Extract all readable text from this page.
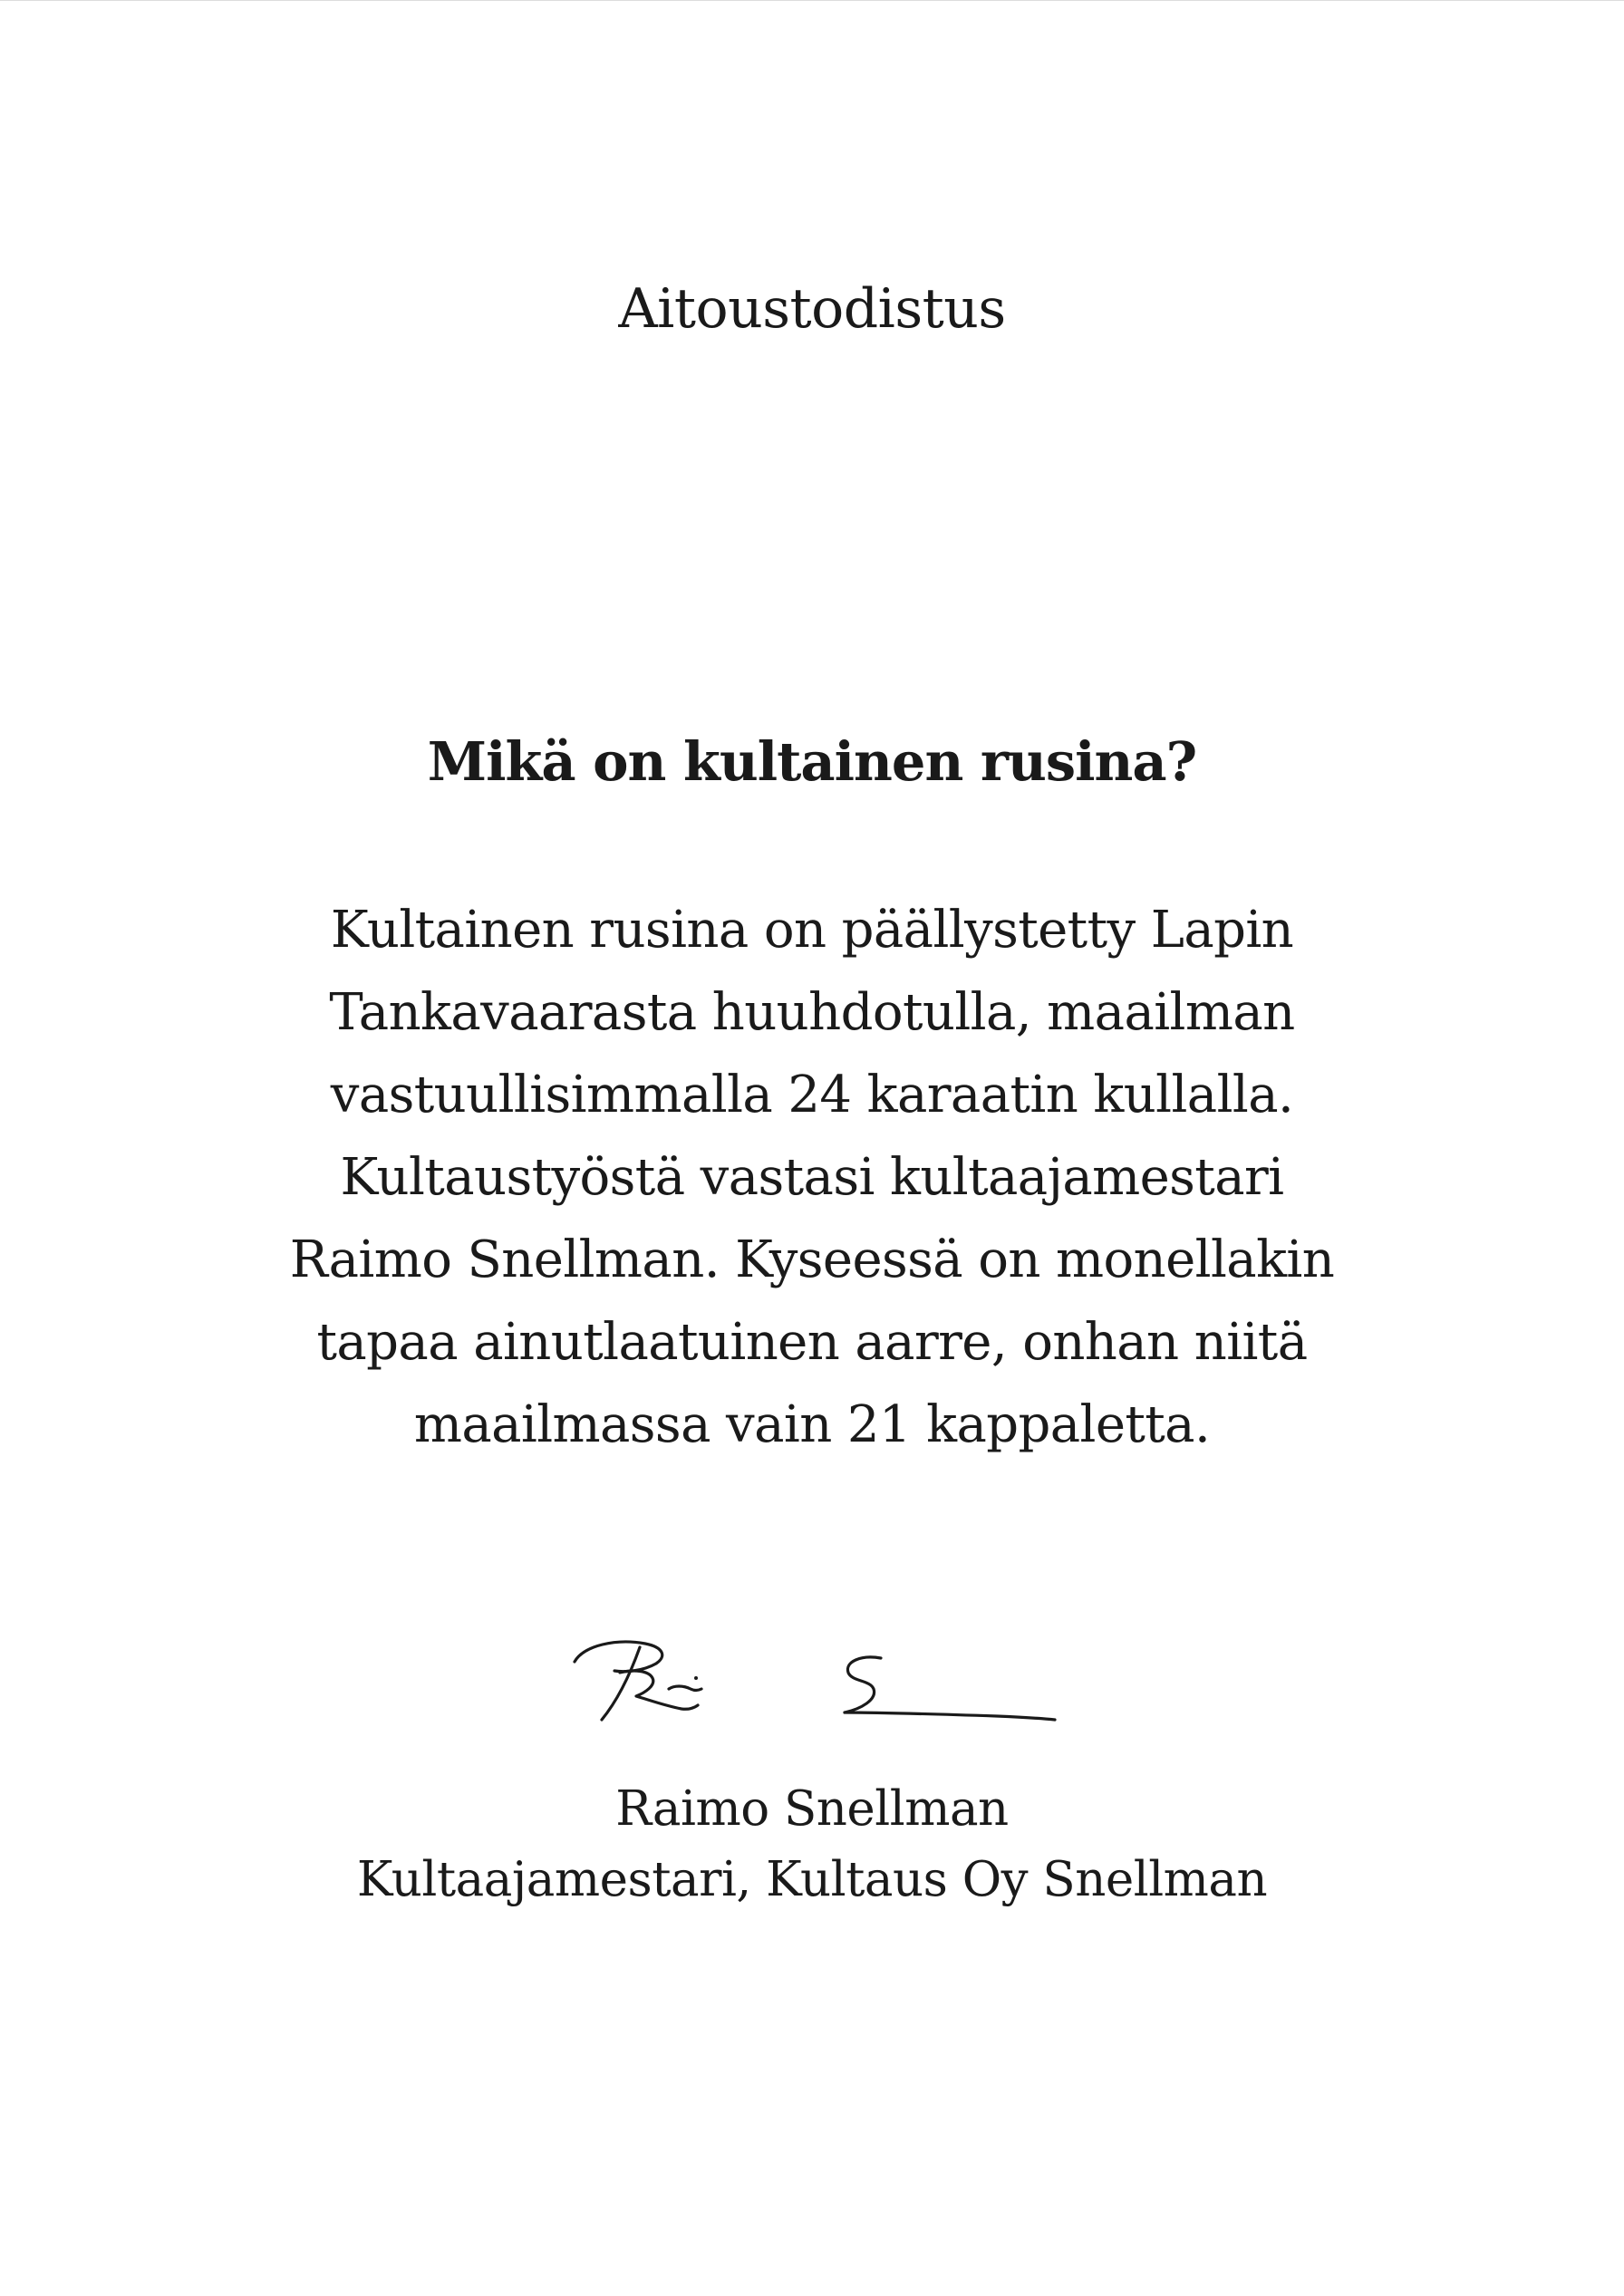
Aitoustodistus
Mikä on kultainen rusina?

Kultainen rusina on päällystetty Lapin
Tankavaarasta huuhdotulla, maailman
vastuullisimmalla 24 karaatin kullalla.
Kultaustyöstä vastasi kultaajamestari
Raimo Snellman. Kyseessä on monellakin
tapaa ainutlaatuinen aarre, onhan niitä
maailmassa vain 21 kappaletta.

Raimo Snellman

Kultaajamestari, Kultaus Oy Snellman
